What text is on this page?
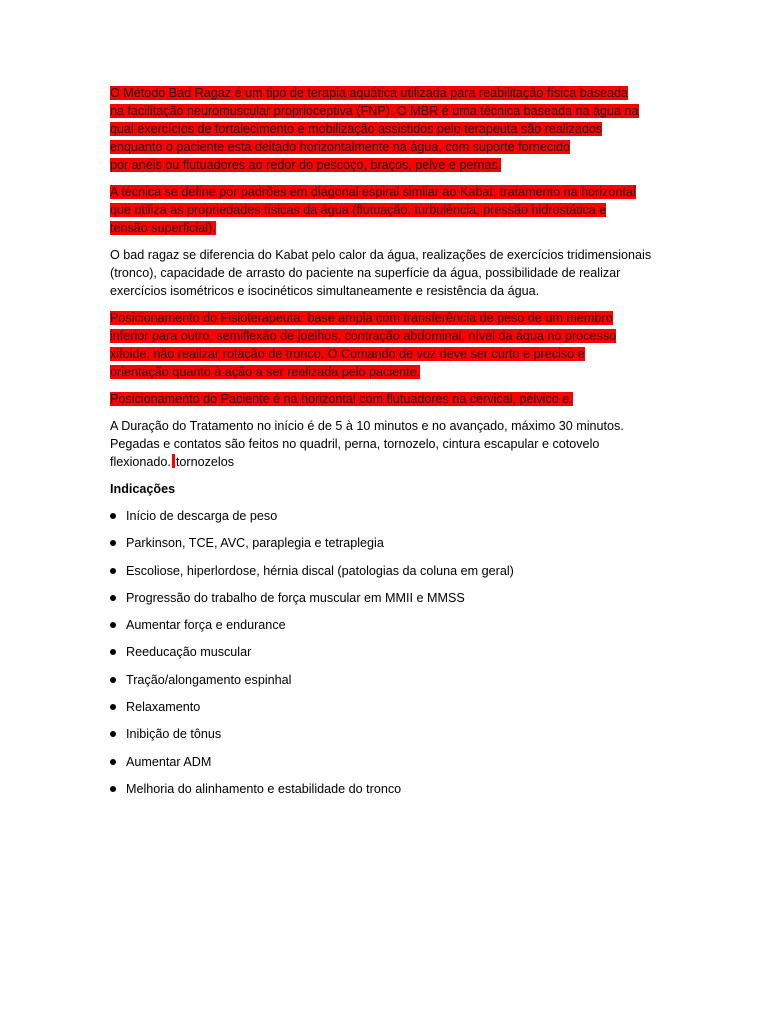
O Método Bad Ragaz é um tipo de terapia aquática utilizada para reabilitação física baseada
na facilitação neuromuscular proprioceptiva (FNP). O MBR é uma técnica baseada na água na
qual exercícios de fortalecimento e mobilização assistidos pelo terapeuta são realizados
enquanto o paciente está deitado horizontalmente na água, com suporte fornecido
por anéis ou flutuadores ao redor do pescoço, braços, pelve e pernas.
A técnica se define por padrões em diagonal espiral similar ao Kabat, tratamento na horizontal
que utiliza as propriedades físicas da água (flutuação, turbulência, pressão hidrostática e
tensão superficial).
O bad ragaz se diferencia do Kabat pelo calor da água, realizações de exercícios tridimensionais
(tronco), capacidade de arrasto do paciente na superfície da água, possibilidade de realizar
exercícios isométricos e isocinéticos simultaneamente e resistência da água.
Posicionamento do Fisioterapeuta: base ampla com transferência de peso de um membro
inferior para outro, semiflexão de joelhos, contração abdominal, nível da água no processo
xifoide, não realizar rotação de tronco. O Comando de voz deve ser curto e preciso e
orientação quanto à ação a ser realizada pelo paciente.
Posicionamento do Paciente é na horizontal com flutuadores na cervical, pélvico e.
A Duração do Tratamento no início é de 5 à 10 minutos e no avançado, máximo 30 minutos.
Pegadas e contatos são feitos no quadril, perna, tornozelo, cintura escapular e cotovelo
flexionado. tornozelos
Indicações
Início de descarga de peso
Parkinson, TCE, AVC, paraplegia e tetraplegia
Escoliose, hiperlordose, hérnia discal (patologias da coluna em geral)
Progressão do trabalho de força muscular em MMII e MMSS
Aumentar força e endurance
Reeducação muscular
Tração/alongamento espinhal
Relaxamento
Inibição de tônus
Aumentar ADM
Melhoria do alinhamento e estabilidade do tronco
